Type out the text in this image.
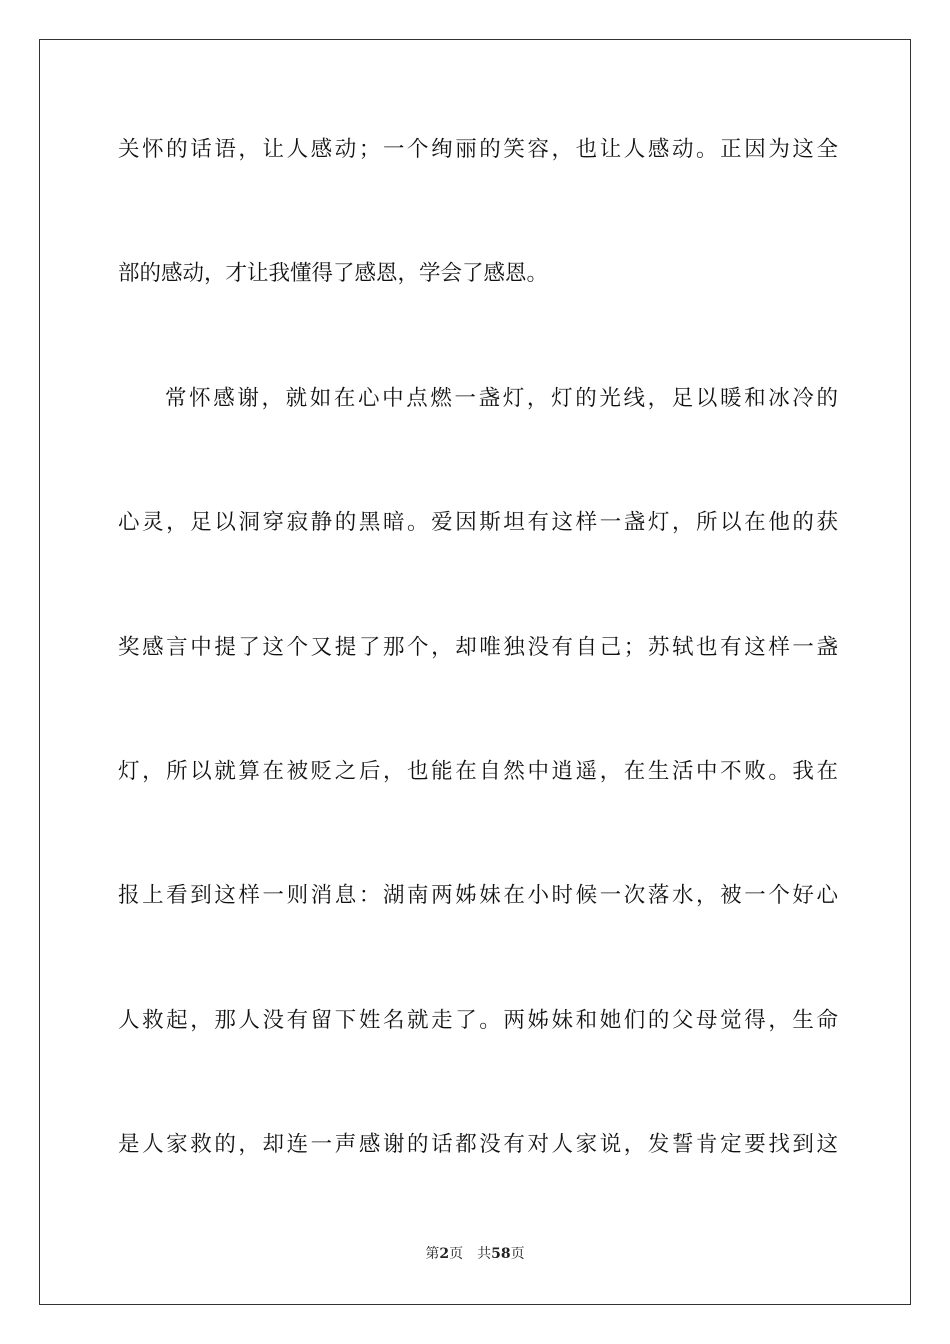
关怀的话语，让人感动；一个绚丽的笑容，也让人感动。正因为这全
部的感动，才让我懂得了感恩，学会了感恩。
常怀感谢，就如在心中点燃一盏灯，灯的光线，足以暖和冰冷的
心灵，足以洞穿寂静的黑暗。爱因斯坦有这样一盏灯，所以在他的获
奖感言中提了这个又提了那个，却唯独没有自己；苏轼也有这样一盏
灯，所以就算在被贬之后，也能在自然中逍遥，在生活中不败。我在
报上看到这样一则消息：湖南两姊妹在小时候一次落水，被一个好心
人救起，那人没有留下姓名就走了。两姊妹和她们的父母觉得，生命
是人家救的，却连一声感谢的话都没有对人家说，发誓肯定要找到这
第2页 共58页
